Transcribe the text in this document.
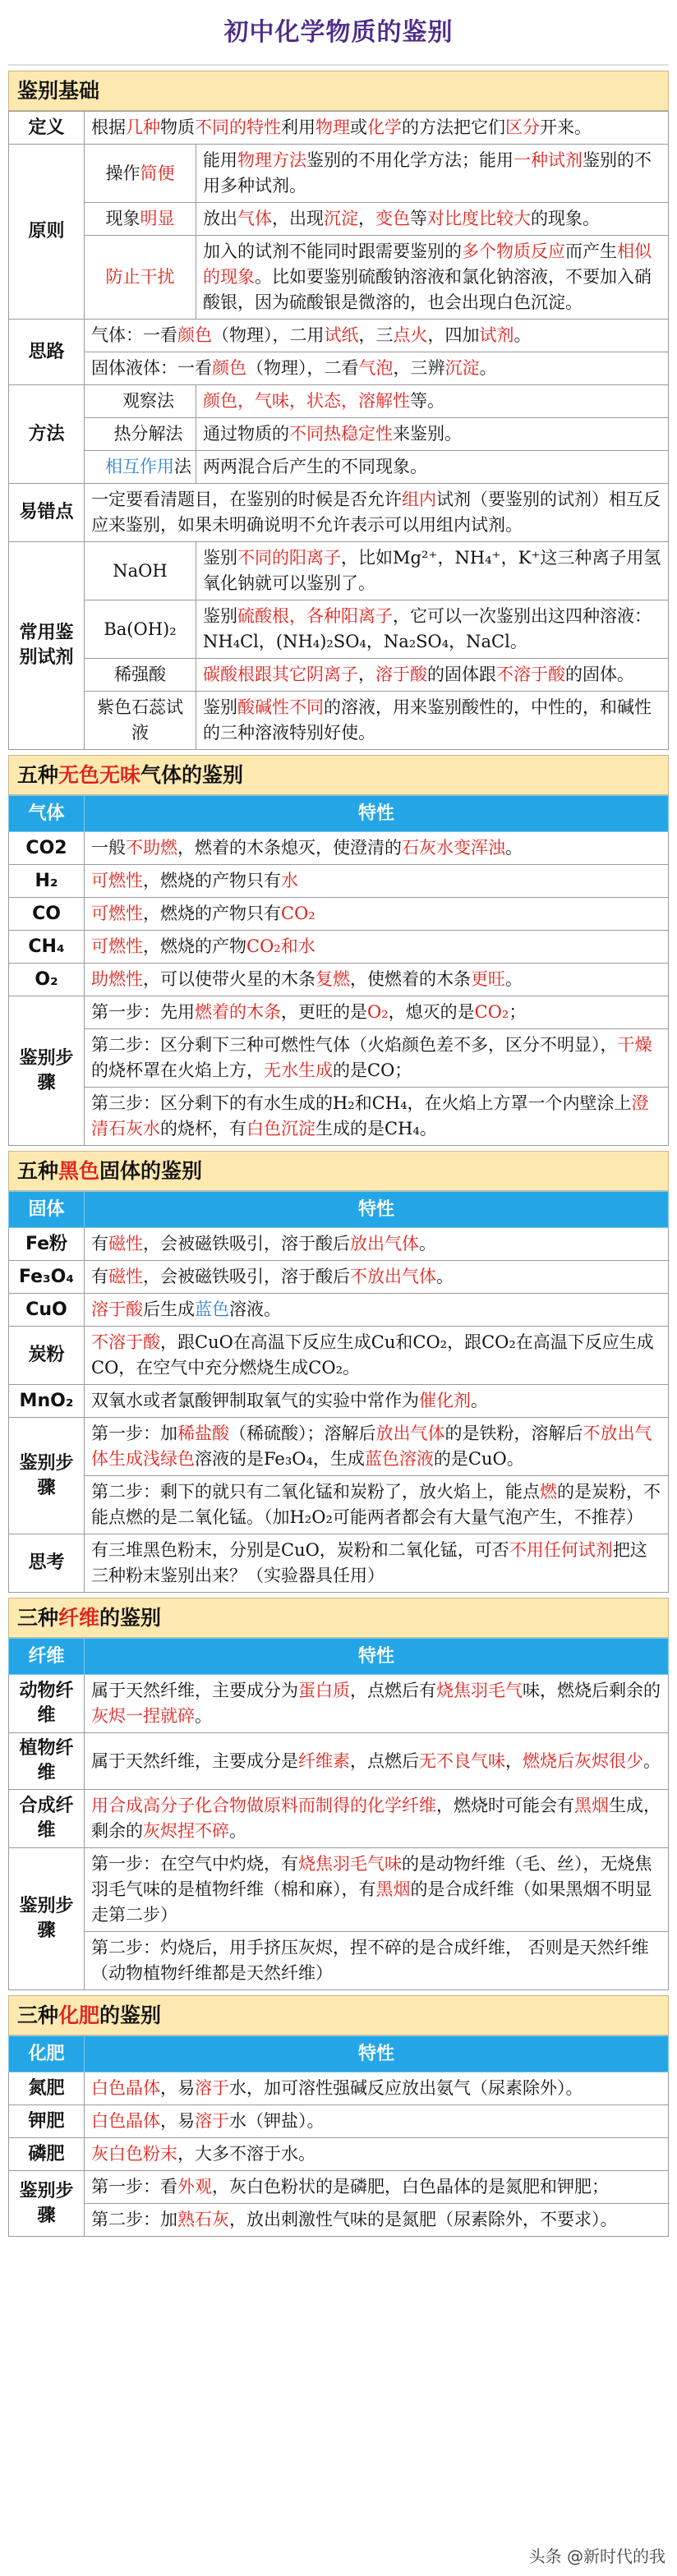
初中化学物质的鉴别
鉴别基础
定义	根据几种物质不同的特性利用物理或化学的方法把它们区分开来。	
原则	操作简便	能用物理方法鉴别的不用化学方法；能用一种试剂鉴别的不用多种试剂。
	现象明显	放出气体，出现沉淀，变色等对比度比较大的现象。
	防止干扰	加入的试剂不能同时跟需要鉴别的多个物质反应而产生相似的现象。比如要鉴别硫酸钠溶液和氯化钠溶液，不要加入硝酸银，因为硫酸银是微溶的，也会出现白色沉淀。
思路	气体：一看颜色（物理），二用试纸，三点火，四加试剂。	
	固体液体：一看颜色（物理），二看气泡，三辨沉淀。	
方法	观察法	颜色，气味，状态，溶解性等。
	热分解法	通过物质的不同热稳定性来鉴别。
	相互作用法	两两混合后产生的不同现象。
易错点	一定要看清题目，在鉴别的时候是否允许组内试剂（要鉴别的试剂）相互反应来鉴别，如果未明确说明不允许表示可以用组内试剂。	
常用鉴别试剂	NaOH	鉴别不同的阳离子，比如Mg²⁺，NH₄⁺，K⁺这三种离子用氢氧化钠就可以鉴别了。
	Ba(OH)₂	鉴别硫酸根，各种阳离子，它可以一次鉴别出这四种溶液：NH₄Cl，(NH₄)₂SO₄，Na₂SO₄，NaCl。
	稀强酸	碳酸根跟其它阴离子，溶于酸的固体跟不溶于酸的固体。
	紫色石蕊试液	鉴别酸碱性不同的溶液，用来鉴别酸性的，中性的，和碱性的三种溶液特别好使。
五种无色无味气体的鉴别
气体	特性
CO2	一般不助燃，燃着的木条熄灭，使澄清的石灰水变浑浊。
H₂	可燃性，燃烧的产物只有水
CO	可燃性，燃烧的产物只有CO₂
CH₄	可燃性，燃烧的产物CO₂和水
O₂	助燃性，可以使带火星的木条复燃，使燃着的木条更旺。
鉴别步骤	第一步：先用燃着的木条，更旺的是O₂，熄灭的是CO₂；
	第二步：区分剩下三种可燃性气体（火焰颜色差不多，区分不明显），干燥的烧杯罩在火焰上方，无水生成的是CO；
	第三步：区分剩下的有水生成的H₂和CH₄，在火焰上方罩一个内壁涂上澄清石灰水的烧杯，有白色沉淀生成的是CH₄。
五种黑色固体的鉴别
固体	特性
Fe粉	有磁性，会被磁铁吸引，溶于酸后放出气体。
Fe₃O₄	有磁性，会被磁铁吸引，溶于酸后不放出气体。
CuO	溶于酸后生成蓝色溶液。
炭粉	不溶于酸，跟CuO在高温下反应生成Cu和CO₂，跟CO₂在高温下反应生成CO，在空气中充分燃烧生成CO₂。
MnO₂	双氧水或者氯酸钾制取氧气的实验中常作为催化剂。
鉴别步骤	第一步：加稀盐酸（稀硫酸）；溶解后放出气体的是铁粉，溶解后不放出气体生成浅绿色溶液的是Fe₃O₄，生成蓝色溶液的是CuO。
	第二步：剩下的就只有二氧化锰和炭粉了，放火焰上，能点燃的是炭粉，不能点燃的是二氧化锰。（加H₂O₂可能两者都会有大量气泡产生，不推荐）
思考	有三堆黑色粉末，分别是CuO，炭粉和二氧化锰，可否不用任何试剂把这三种粉末鉴别出来？（实验器具任用）
三种纤维的鉴别
纤维	特性
动物纤维	属于天然纤维，主要成分为蛋白质，点燃后有烧焦羽毛气味，燃烧后剩余的灰烬一捏就碎。
植物纤维	属于天然纤维，主要成分是纤维素，点燃后无不良气味，燃烧后灰烬很少。
合成纤维	用合成高分子化合物做原料而制得的化学纤维，燃烧时可能会有黑烟生成，剩余的灰烬捏不碎。
鉴别步骤	第一步：在空气中灼烧，有烧焦羽毛气味的是动物纤维（毛、丝），无烧焦羽毛气味的是植物纤维（棉和麻），有黑烟的是合成纤维（如果黑烟不明显走第二步）
	第二步：灼烧后，用手挤压灰烬，捏不碎的是合成纤维， 否则是天然纤维（动物植物纤维都是天然纤维）
三种化肥的鉴别
化肥	特性
氮肥	白色晶体，易溶于水，加可溶性强碱反应放出氨气（尿素除外）。
钾肥	白色晶体，易溶于水（钾盐）。
磷肥	灰白色粉末，大多不溶于水。
鉴别步骤	第一步：看外观，灰白色粉状的是磷肥，白色晶体的是氮肥和钾肥；
	第二步：加熟石灰，放出刺激性气味的是氮肥（尿素除外，不要求）。
头条 @新时代的我
